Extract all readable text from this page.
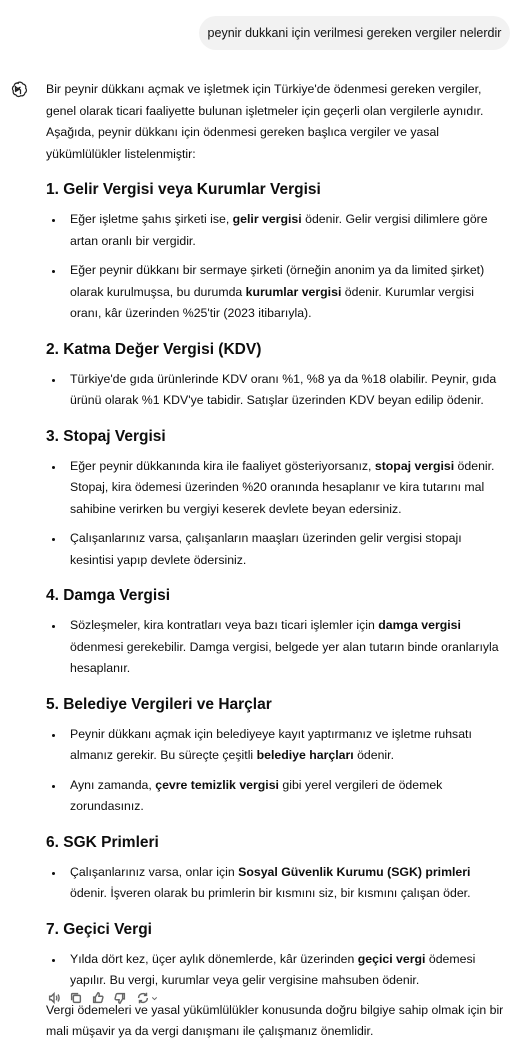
peynir dukkani için verilmesi gereken vergiler nelerdir

Bir peynir dükkanı açmak ve işletmek için Türkiye'de ödenmesi gereken vergiler, genel olarak ticari faaliyette bulunan işletmeler için geçerli olan vergilerle aynıdır. Aşağıda, peynir dükkanı için ödenmesi gereken başlıca vergiler ve yasal yükümlülükler listelenmiştir:

1. Gelir Vergisi veya Kurumlar Vergisi
• Eğer işletme şahıs şirketi ise, gelir vergisi ödenir. Gelir vergisi dilimlere göre artan oranlı bir vergidir.
• Eğer peynir dükkanı bir sermaye şirketi (örneğin anonim ya da limited şirket) olarak kurulmuşsa, bu durumda kurumlar vergisi ödenir. Kurumlar vergisi oranı, kâr üzerinden %25'tir (2023 itibarıyla).
2. Katma Değer Vergisi (KDV)
• Türkiye'de gıda ürünlerinde KDV oranı %1, %8 ya da %18 olabilir. Peynir, gıda ürünü olarak %1 KDV'ye tabidir. Satışlar üzerinden KDV beyan edilip ödenir.
3. Stopaj Vergisi
• Eğer peynir dükkanında kira ile faaliyet gösteriyorsanız, stopaj vergisi ödenir. Stopaj, kira ödemesi üzerinden %20 oranında hesaplanır ve kira tutarını mal sahibine verirken bu vergiyi keserek devlete beyan edersiniz.
• Çalışanlarınız varsa, çalışanların maaşları üzerinden gelir vergisi stopajı kesintisi yapıp devlete ödersiniz.
4. Damga Vergisi
• Sözleşmeler, kira kontratları veya bazı ticari işlemler için damga vergisi ödenmesi gerekebilir. Damga vergisi, belgede yer alan tutarın binde oranlarıyla hesaplanır.
5. Belediye Vergileri ve Harçlar
• Peynir dükkanı açmak için belediyeye kayıt yaptırmanız ve işletme ruhsatı almanız gerekir. Bu süreçte çeşitli belediye harçları ödenir.
• Aynı zamanda, çevre temizlik vergisi gibi yerel vergileri de ödemek zorundasınız.
6. SGK Primleri
• Çalışanlarınız varsa, onlar için Sosyal Güvenlik Kurumu (SGK) primleri ödenir. İşveren olarak bu primlerin bir kısmını siz, bir kısmını çalışan öder.
7. Geçici Vergi
• Yılda dört kez, üçer aylık dönemlerde, kâr üzerinden geçici vergi ödemesi yapılır. Bu vergi, kurumlar veya gelir vergisine mahsuben ödenir.

Vergi ödemeleri ve yasal yükümlülükler konusunda doğru bilgiye sahip olmak için bir mali müşavir ya da vergi danışmanı ile çalışmanız önemlidir.
